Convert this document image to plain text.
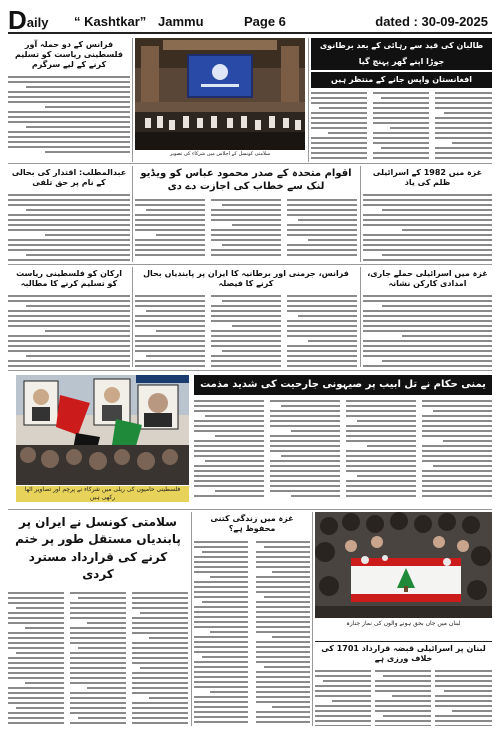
Daily “ Kashtkar” Jammu	Page 6	dated : 30-09-2025
فرانس کے دو حملہ آور فلسطینی ریاست کو تسلیم کرنے کے لیے سرگرم
سلامتی کونسل کے اجلاس میں شرکاء کی تصویر
طالبان کی قید سے رہائی کے بعد برطانوی جوڑا اپنے گھر پہنچ گیا
افغانستان واپس جانے کے منتظر ہیں
عبدالمطلب: اقتدار کی بحالی کے نام پر حق تلفی
اقوام متحدہ کے صدر محمود عباس کو ویڈیو لنک سے خطاب کی اجازت دے دی
غزہ میں 1982 کے اسرائیلی ظلم کی یاد
ارکان کو فلسطینی ریاست کو تسلیم کرنے کا مطالبہ
فرانس، جرمنی اور برطانیہ کا ایران پر پابندیاں بحال کرنے کا فیصلہ
غزہ میں اسرائیلی حملے جاری، امدادی کارکن نشانہ
فلسطینی حامیوں کی ریلی میں شرکاء نے پرچم اور تصاویر اٹھا رکھی ہیں
یمنی حکام نے تل ابیب پر صیہونی جارحیت کی شدید مذمت
سلامتی کونسل نے ایران پر پابندیاں مستقل طور پر ختم کرنے کی قرارداد مسترد کردی
غزہ میں زندگی کتنی محفوظ ہے؟
لبنان میں جاں بحق ہونے والوں کی نماز جنازہ
لبنان پر اسرائیلی قبضہ قرارداد 1701 کی خلاف ورزی ہے
